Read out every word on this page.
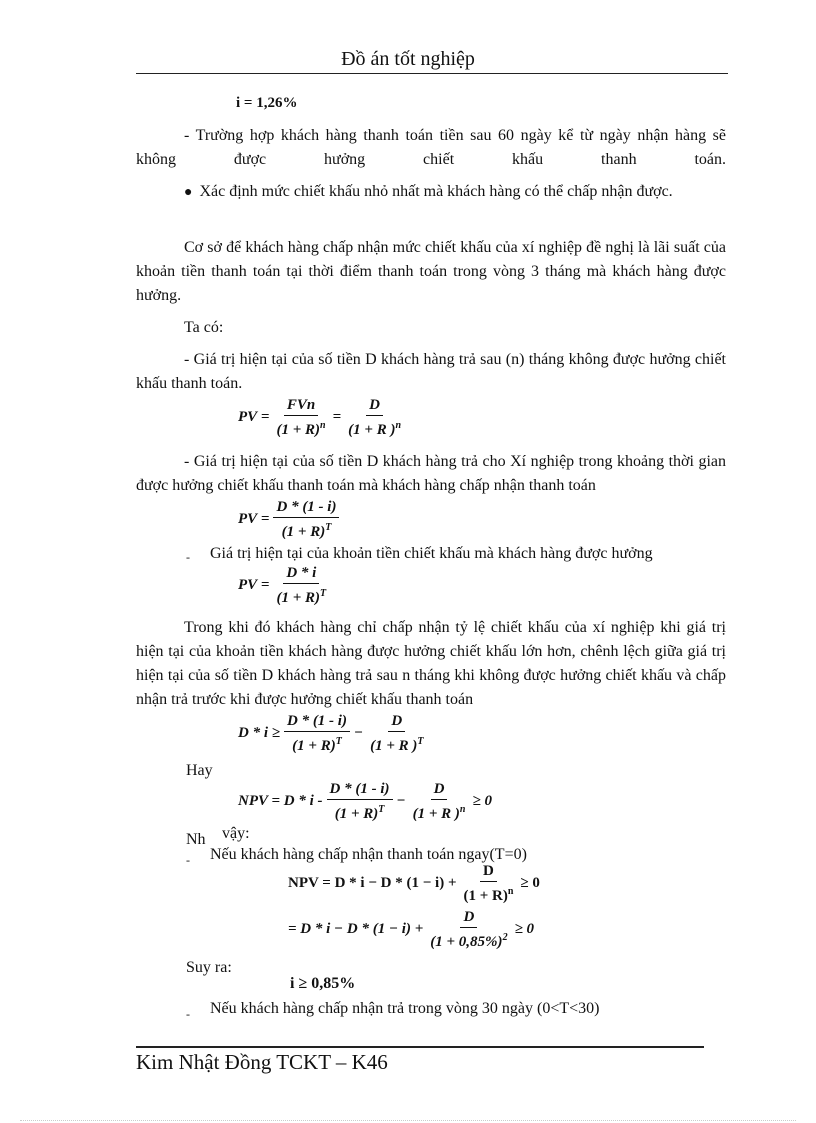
Đồ án tốt nghiệp
i = 1,26%
- Trường hợp khách hàng thanh toán tiền sau 60 ngày kể từ ngày nhận hàng sẽ không được hưởng chiết khấu thanh toán.
●  Xác định mức chiết khấu nhỏ nhất mà khách hàng có thể chấp nhận được.
Cơ sở để khách hàng chấp nhận mức chiết khấu của xí nghiệp đề nghị là lãi suất của khoản tiền thanh toán tại thời điểm thanh toán trong vòng 3 tháng mà khách hàng được hưởng.
Ta có:
- Giá trị hiện tại của số tiền D khách hàng trả sau (n) tháng không được hưởng chiết khấu thanh toán.
PV
= $\frac{\text{FVn}}{(1 + R)^n} = \frac{D}{(1 + R )^n}$
- Giá trị hiện tại của số tiền D khách hàng trả cho Xí nghiệp trong khoảng thời gian được hưởng chiết khấu thanh toán mà khách hàng chấp nhận thanh toán
PV
= $\frac{D * (1 - i)}{(1 + R)^T}$
- Giá trị hiện tại của khoản tiền chiết khấu mà khách hàng được hưởng
PV
= $\frac{D * i}{(1 + R)^T}$
Trong khi đó khách hàng chỉ chấp nhận tỷ lệ chiết khấu của xí nghiệp khi giá trị hiện tại của khoản tiền khách hàng được hưởng chiết khấu lớn hơn, chênh lệch giữa giá trị hiện tại của số tiền D khách hàng trả sau n tháng khi không được hưởng chiết khấu và chấp nhận trả trước khi được hưởng chiết khấu thanh toán
D * i
≥ $\frac{D * (1 - i)}{(1 + R)^T} - \frac{D}{(1 + R )^T}$
Hay
NPV = $D * i - \frac{D * (1 - i)}{(1 + R)^T} - \frac{D}{(1 + R )^n} \ge 0$
Nh vậy:
- Nếu khách hàng chấp nhận thanh toán ngay(T=0)
NPV = $D * i - D * (1 - i) + \frac{D}{(1 + R)^n} \ge 0$
= $D * i - D * (1 - i) + \frac{D}{(1 + 0,85\%)^2} \ge 0$
Suy ra:
i ≥ 0,85%
- Nếu khách hàng chấp nhận trả trong vòng 30 ngày (0<T<30)
Kim Nhật Đồng TCKT – K46
